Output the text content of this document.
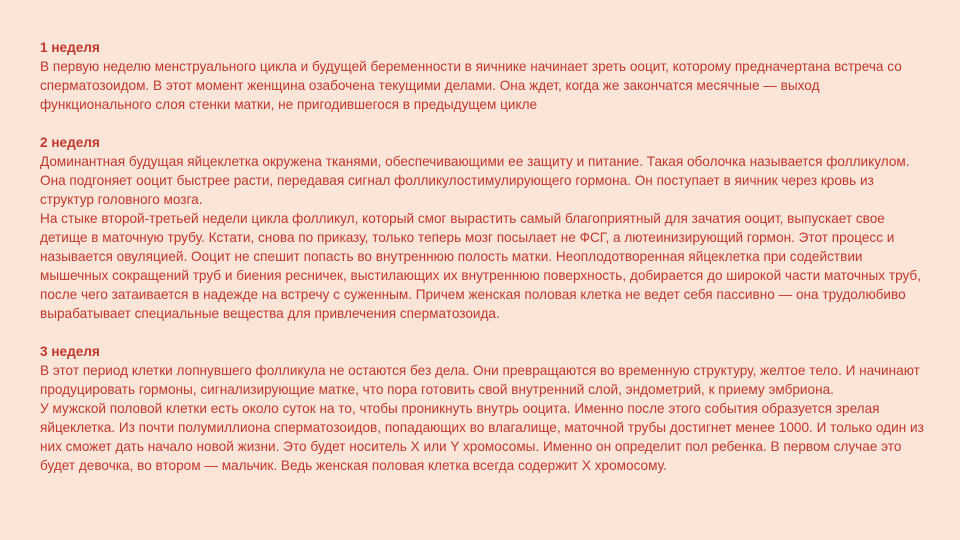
1 неделя

В первую неделю менструального цикла и будущей беременности в яичнике начинает зреть ооцит, которому предначертана встреча со сперматозоидом. В этот момент женщина озабочена текущими делами. Она ждет, когда же закончатся месячные — выход функционального слоя стенки матки, не пригодившегося в предыдущем цикле

2 неделя

Доминантная будущая яйцеклетка окружена тканями, обеспечивающими ее защиту и питание. Такая оболочка называется фолликулом. Она подгоняет ооцит быстрее расти, передавая сигнал фолликулостимулирующего гормона. Он поступает в яичник через кровь из структур головного мозга.

На стыке второй-третьей недели цикла фолликул, который смог вырастить самый благоприятный для зачатия ооцит, выпускает свое детище в маточную трубу. Кстати, снова по приказу, только теперь мозг посылает не ФСГ, а лютеинизирующий гормон. Этот процесс и называется овуляцией. Ооцит не спешит попасть во внутреннюю полость матки. Неоплодотворенная яйцеклетка при содействии мышечных сокращений труб и биения ресничек, выстилающих их внутреннюю поверхность, добирается до широкой части маточных труб, после чего затаивается в надежде на встречу с суженным. Причем женская половая клетка не ведет себя пассивно — она трудолюбиво вырабатывает специальные вещества для привлечения сперматозоида.

3 неделя

В этот период клетки лопнувшего фолликула не остаются без дела. Они превращаются во временную структуру, желтое тело. И начинают продуцировать гормоны, сигнализирующие матке, что пора готовить свой внутренний слой, эндометрий, к приему эмбриона.

У мужской половой клетки есть около суток на то, чтобы проникнуть внутрь ооцита. Именно после этого события образуется зрелая яйцеклетка. Из почти полумиллиона сперматозоидов, попадающих во влагалище, маточной трубы достигнет менее 1000. И только один из них сможет дать начало новой жизни. Это будет носитель X или Y хромосомы. Именно он определит пол ребенка. В первом случае это будет девочка, во втором — мальчик. Ведь женская половая клетка всегда содержит X хромосому.
